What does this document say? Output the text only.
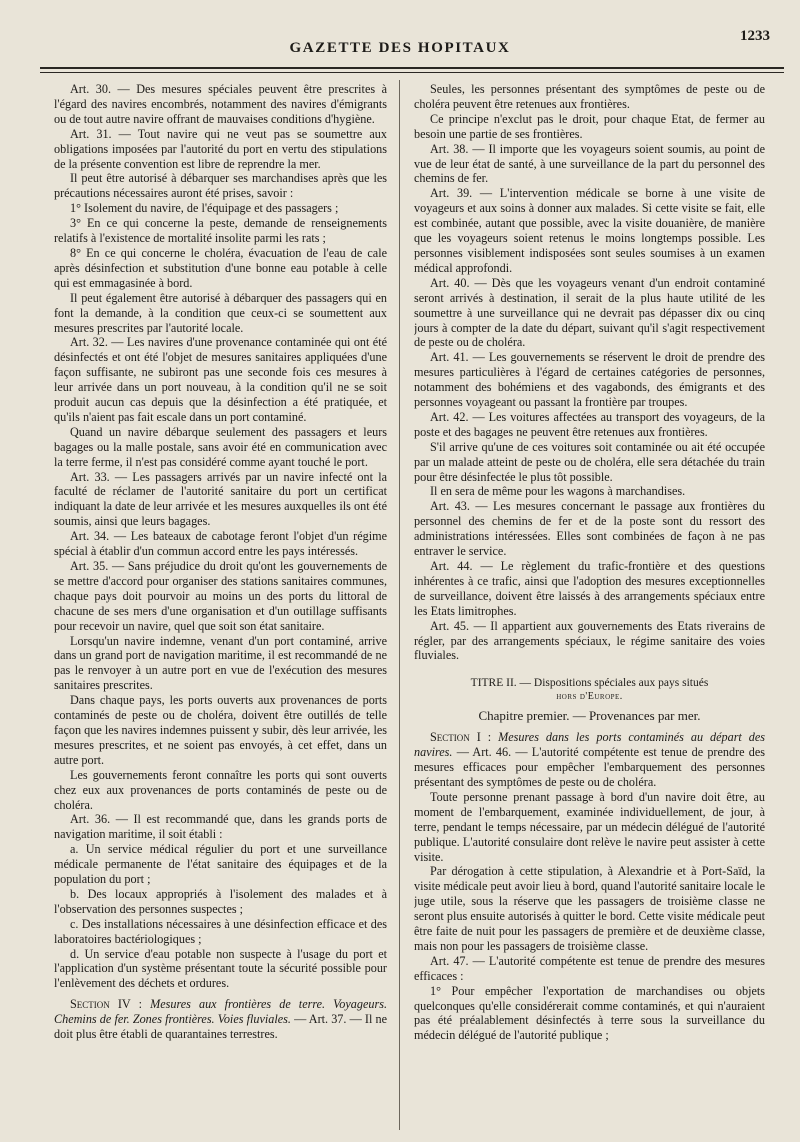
GAZETTE DES HOPITAUX
1233

Art. 30. — Des mesures spéciales peuvent être prescrites à l'égard des navires encombrés, notamment des navires d'émigrants ou de tout autre navire offrant de mauvaises conditions d'hygiène.

Art. 31. — Tout navire qui ne veut pas se soumettre aux obligations imposées par l'autorité du port en vertu des stipulations de la présente convention est libre de reprendre la mer.

Il peut être autorisé à débarquer ses marchandises après que les précautions nécessaires auront été prises, savoir :

1° Isolement du navire, de l'équipage et des passagers ;

3° En ce qui concerne la peste, demande de renseignements relatifs à l'existence de mortalité insolite parmi les rats ;

8° En ce qui concerne le choléra, évacuation de l'eau de cale après désinfection et substitution d'une bonne eau potable à celle qui est emmagasinée à bord.

Il peut également être autorisé à débarquer des passagers qui en font la demande, à la condition que ceux-ci se soumettent aux mesures prescrites par l'autorité locale.

Art. 32. — Les navires d'une provenance contaminée qui ont été désinfectés et ont été l'objet de mesures sanitaires appliquées d'une façon suffisante, ne subiront pas une seconde fois ces mesures à leur arrivée dans un port nouveau, à la condition qu'il ne se soit produit aucun cas depuis que la désinfection a été pratiquée, et qu'ils n'aient pas fait escale dans un port contaminé.

Quand un navire débarque seulement des passagers et leurs bagages ou la malle postale, sans avoir été en communication avec la terre ferme, il n'est pas considéré comme ayant touché le port.

Art. 33. — Les passagers arrivés par un navire infecté ont la faculté de réclamer de l'autorité sanitaire du port un certificat indiquant la date de leur arrivée et les mesures auxquelles ils ont été soumis, ainsi que leurs bagages.

Art. 34. — Les bateaux de cabotage feront l'objet d'un régime spécial à établir d'un commun accord entre les pays intéressés.

Art. 35. — Sans préjudice du droit qu'ont les gouvernements de se mettre d'accord pour organiser des stations sanitaires communes, chaque pays doit pourvoir au moins un des ports du littoral de chacune de ses mers d'une organisation et d'un outillage suffisants pour recevoir un navire, quel que soit son état sanitaire.

Lorsqu'un navire indemne, venant d'un port contaminé, arrive dans un grand port de navigation maritime, il est recommandé de ne pas le renvoyer à un autre port en vue de l'exécution des mesures sanitaires prescrites.

Dans chaque pays, les ports ouverts aux provenances de ports contaminés de peste ou de choléra, doivent être outillés de telle façon que les navires indemnes puissent y subir, dès leur arrivée, les mesures prescrites, et ne soient pas envoyés, à cet effet, dans un autre port.

Les gouvernements feront connaître les ports qui sont ouverts chez eux aux provenances de ports contaminés de peste ou de choléra.

Art. 36. — Il est recommandé que, dans les grands ports de navigation maritime, il soit établi :

a. Un service médical régulier du port et une surveillance médicale permanente de l'état sanitaire des équipages et de la population du port ;

b. Des locaux appropriés à l'isolement des malades et à l'observation des personnes suspectes ;

c. Des installations nécessaires à une désinfection efficace et des laboratoires bactériologiques ;

d. Un service d'eau potable non suspecte à l'usage du port et l'application d'un système présentant toute la sécurité possible pour l'enlèvement des déchets et ordures.

Section IV : Mesures aux frontières de terre. Voyageurs. Chemins de fer. Zones frontières. Voies fluviales. — Art. 37. — Il ne doit plus être établi de quarantaines terrestres.

Seules, les personnes présentant des symptômes de peste ou de choléra peuvent être retenues aux frontières.

Ce principe n'exclut pas le droit, pour chaque Etat, de fermer au besoin une partie de ses frontières.

Art. 38. — Il importe que les voyageurs soient soumis, au point de vue de leur état de santé, à une surveillance de la part du personnel des chemins de fer.

Art. 39. — L'intervention médicale se borne à une visite de voyageurs et aux soins à donner aux malades. Si cette visite se fait, elle est combinée, autant que possible, avec la visite douanière, de manière que les voyageurs soient retenus le moins longtemps possible. Les personnes visiblement indisposées sont seules soumises à un examen médical approfondi.

Art. 40. — Dès que les voyageurs venant d'un endroit contaminé seront arrivés à destination, il serait de la plus haute utilité de les soumettre à une surveillance qui ne devrait pas dépasser dix ou cinq jours à compter de la date du départ, suivant qu'il s'agit respectivement de peste ou de choléra.

Art. 41. — Les gouvernements se réservent le droit de prendre des mesures particulières à l'égard de certaines catégories de personnes, notamment des bohémiens et des vagabonds, des émigrants et des personnes voyageant ou passant la frontière par troupes.

Art. 42. — Les voitures affectées au transport des voyageurs, de la poste et des bagages ne peuvent être retenues aux frontières.

S'il arrive qu'une de ces voitures soit contaminée ou ait été occupée par un malade atteint de peste ou de choléra, elle sera détachée du train pour être désinfectée le plus tôt possible.

Il en sera de même pour les wagons à marchandises.

Art. 43. — Les mesures concernant le passage aux frontières du personnel des chemins de fer et de la poste sont du ressort des administrations intéressées. Elles sont combinées de façon à ne pas entraver le service.

Art. 44. — Le règlement du trafic-frontière et des questions inhérentes à ce trafic, ainsi que l'adoption des mesures exceptionnelles de surveillance, doivent être laissés à des arrangements spéciaux entre les Etats limitrophes.

Art. 45. — Il appartient aux gouvernements des Etats riverains de régler, par des arrangements spéciaux, le régime sanitaire des voies fluviales.

TITRE II. — Dispositions spéciales aux pays situés
hors d'Europe.
Chapitre premier. — Provenances par mer.

Section I : Mesures dans les ports contaminés au départ des navires. — Art. 46. — L'autorité compétente est tenue de prendre des mesures efficaces pour empêcher l'embarquement des personnes présentant des symptômes de peste ou de choléra.

Toute personne prenant passage à bord d'un navire doit être, au moment de l'embarquement, examinée individuellement, de jour, à terre, pendant le temps nécessaire, par un médecin délégué de l'autorité publique. L'autorité consulaire dont relève le navire peut assister à cette visite.

Par dérogation à cette stipulation, à Alexandrie et à Port-Saïd, la visite médicale peut avoir lieu à bord, quand l'autorité sanitaire locale le juge utile, sous la réserve que les passagers de troisième classe ne seront plus ensuite autorisés à quitter le bord. Cette visite médicale peut être faite de nuit pour les passagers de première et de deuxième classe, mais non pour les passagers de troisième classe.

Art. 47. — L'autorité compétente est tenue de prendre des mesures efficaces :

1° Pour empêcher l'exportation de marchandises ou objets quelconques qu'elle considérerait comme contaminés, et qui n'auraient pas été préalablement désinfectés à terre sous la surveillance du médecin délégué de l'autorité publique ;
